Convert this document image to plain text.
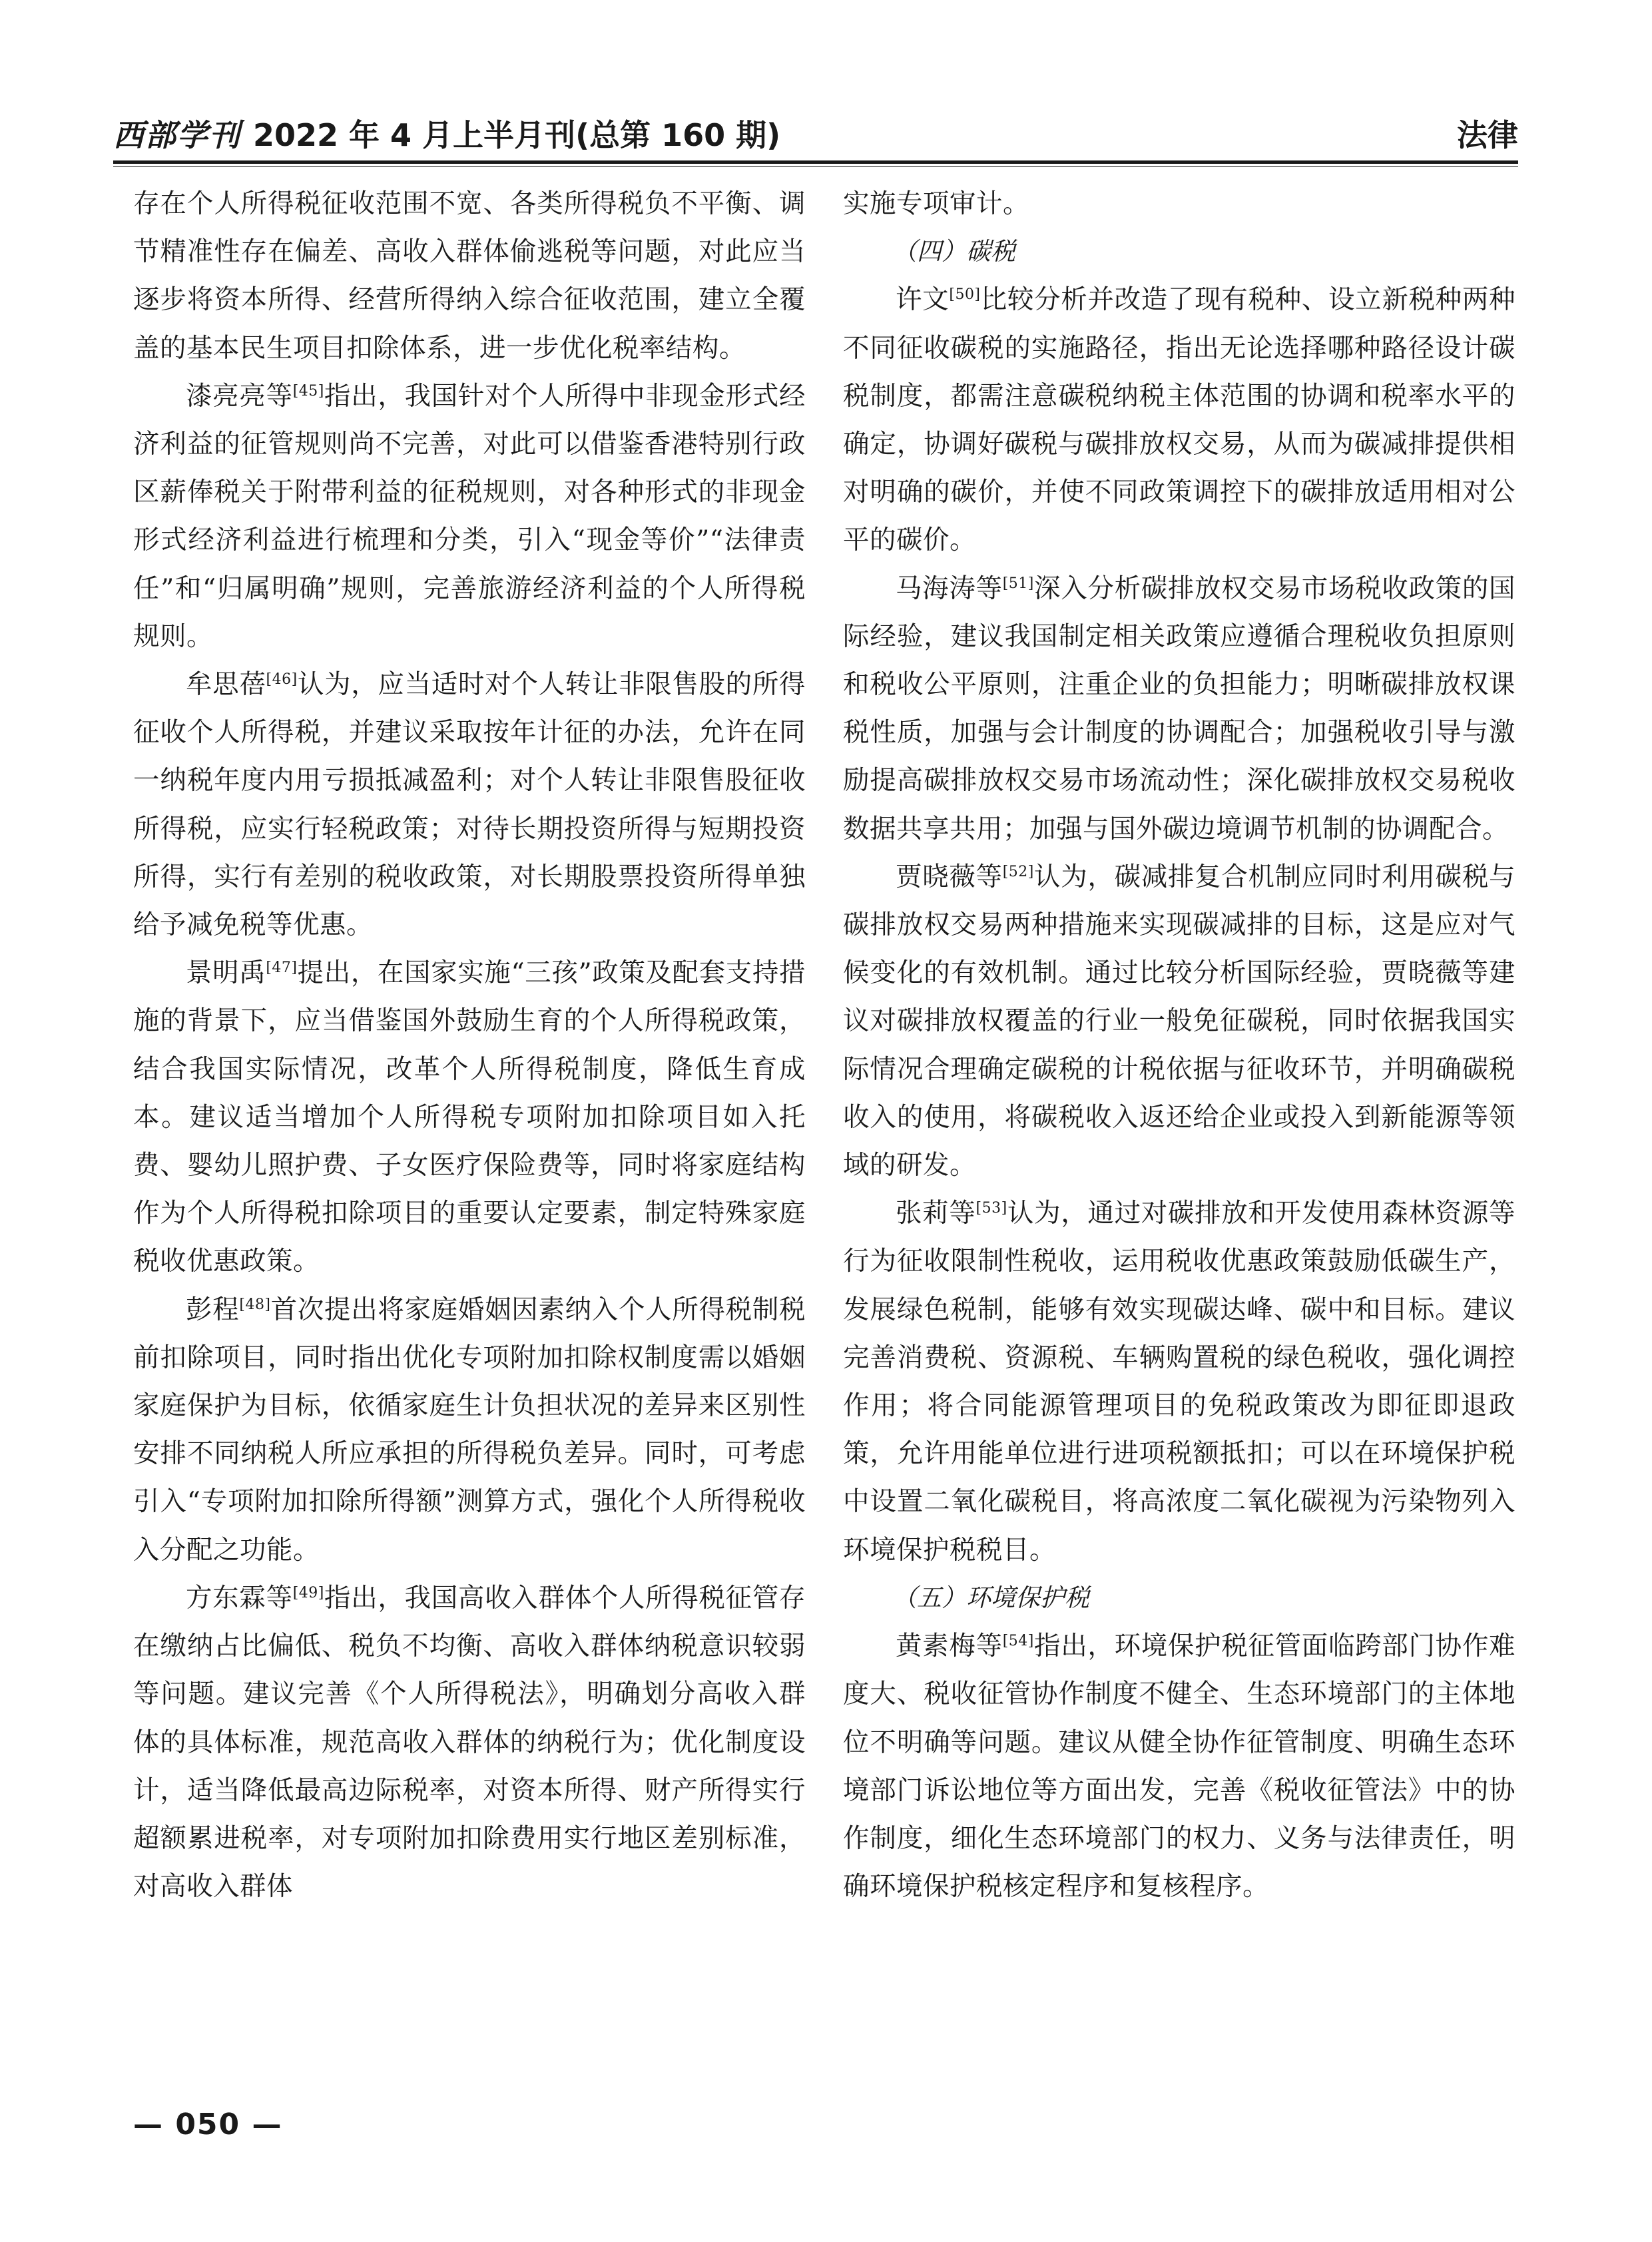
西部学刊 2022 年 4 月上半月刊(总第 160 期)	法律

存在个人所得税征收范围不宽、各类所得税负不平衡、调节精准性存在偏差、高收入群体偷逃税等问题，对此应当逐步将资本所得、经营所得纳入综合征收范围，建立全覆盖的基本民生项目扣除体系，进一步优化税率结构。

漆亮亮等[45]指出，我国针对个人所得中非现金形式经济利益的征管规则尚不完善，对此可以借鉴香港特别行政区薪俸税关于附带利益的征税规则，对各种形式的非现金形式经济利益进行梳理和分类，引入“现金等价”“法律责任”和“归属明确”规则，完善旅游经济利益的个人所得税规则。

牟思蓓[46]认为，应当适时对个人转让非限售股的所得征收个人所得税，并建议采取按年计征的办法，允许在同一纳税年度内用亏损抵减盈利；对个人转让非限售股征收所得税，应实行轻税政策；对待长期投资所得与短期投资所得，实行有差别的税收政策，对长期股票投资所得单独给予减免税等优惠。

景明禹[47]提出，在国家实施“三孩”政策及配套支持措施的背景下，应当借鉴国外鼓励生育的个人所得税政策，结合我国实际情况，改革个人所得税制度，降低生育成本。建议适当增加个人所得税专项附加扣除项目如入托费、婴幼儿照护费、子女医疗保险费等，同时将家庭结构作为个人所得税扣除项目的重要认定要素，制定特殊家庭税收优惠政策。

彭程[48]首次提出将家庭婚姻因素纳入个人所得税制税前扣除项目，同时指出优化专项附加扣除权制度需以婚姻家庭保护为目标，依循家庭生计负担状况的差异来区别性安排不同纳税人所应承担的所得税负差异。同时，可考虑引入“专项附加扣除所得额”测算方式，强化个人所得税收入分配之功能。

方东霖等[49]指出，我国高收入群体个人所得税征管存在缴纳占比偏低、税负不均衡、高收入群体纳税意识较弱等问题。建议完善《个人所得税法》，明确划分高收入群体的具体标准，规范高收入群体的纳税行为；优化制度设计，适当降低最高边际税率，对资本所得、财产所得实行超额累进税率，对专项附加扣除费用实行地区差别标准，对高收入群体

实施专项审计。

（四）碳税

许文[50]比较分析并改造了现有税种、设立新税种两种不同征收碳税的实施路径，指出无论选择哪种路径设计碳税制度，都需注意碳税纳税主体范围的协调和税率水平的确定，协调好碳税与碳排放权交易，从而为碳减排提供相对明确的碳价，并使不同政策调控下的碳排放适用相对公平的碳价。

马海涛等[51]深入分析碳排放权交易市场税收政策的国际经验，建议我国制定相关政策应遵循合理税收负担原则和税收公平原则，注重企业的负担能力；明晰碳排放权课税性质，加强与会计制度的协调配合；加强税收引导与激励提高碳排放权交易市场流动性；深化碳排放权交易税收数据共享共用；加强与国外碳边境调节机制的协调配合。

贾晓薇等[52]认为，碳减排复合机制应同时利用碳税与碳排放权交易两种措施来实现碳减排的目标，这是应对气候变化的有效机制。通过比较分析国际经验，贾晓薇等建议对碳排放权覆盖的行业一般免征碳税，同时依据我国实际情况合理确定碳税的计税依据与征收环节，并明确碳税收入的使用，将碳税收入返还给企业或投入到新能源等领域的研发。

张莉等[53]认为，通过对碳排放和开发使用森林资源等行为征收限制性税收，运用税收优惠政策鼓励低碳生产，发展绿色税制，能够有效实现碳达峰、碳中和目标。建议完善消费税、资源税、车辆购置税的绿色税收，强化调控作用；将合同能源管理项目的免税政策改为即征即退政策，允许用能单位进行进项税额抵扣；可以在环境保护税中设置二氧化碳税目，将高浓度二氧化碳视为污染物列入环境保护税税目。

（五）环境保护税

黄素梅等[54]指出，环境保护税征管面临跨部门协作难度大、税收征管协作制度不健全、生态环境部门的主体地位不明确等问题。建议从健全协作征管制度、明确生态环境部门诉讼地位等方面出发，完善《税收征管法》中的协作制度，细化生态环境部门的权力、义务与法律责任，明确环境保护税核定程序和复核程序。

— 050 —
